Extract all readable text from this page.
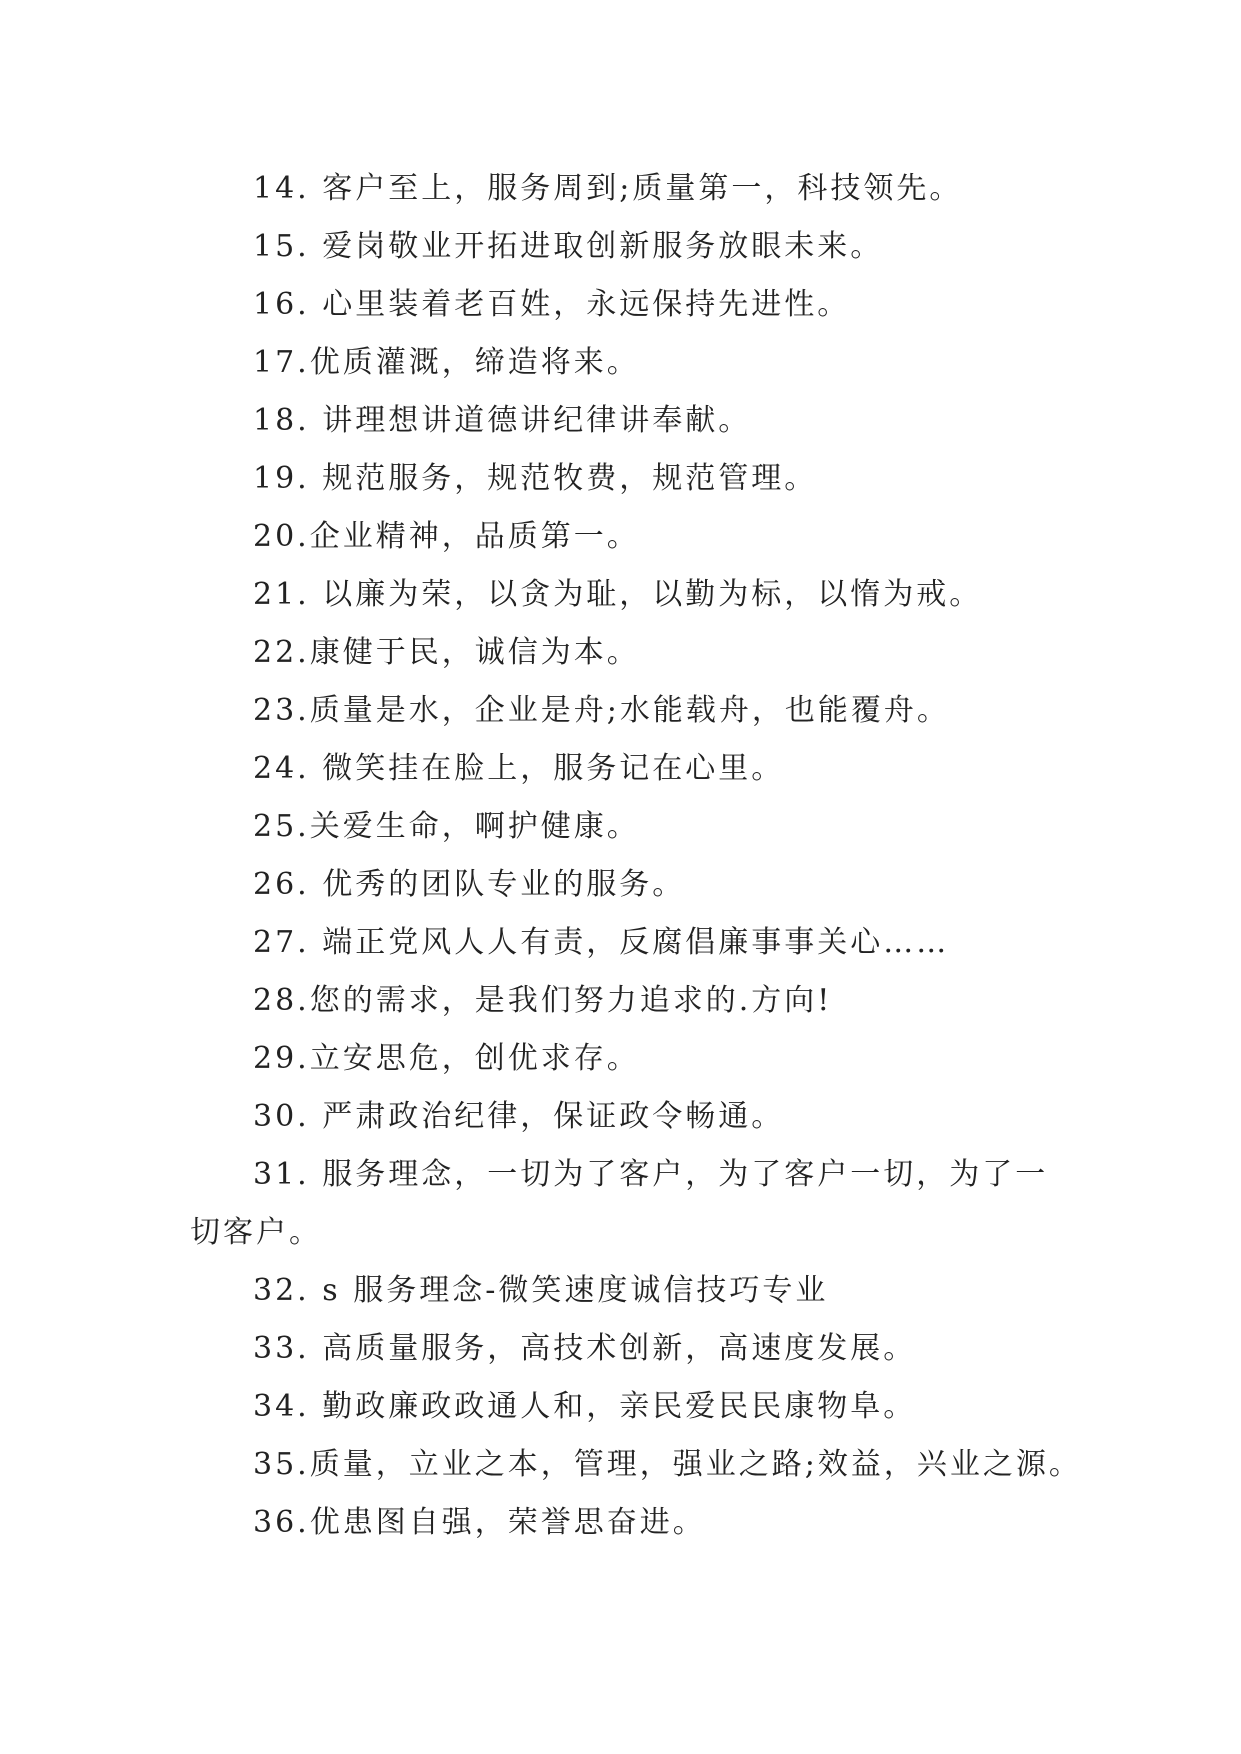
14. 客户至上，服务周到;质量第一，科技领先。
15. 爱岗敬业开拓进取创新服务放眼未来。
16. 心里装着老百姓，永远保持先进性。
17.优质灌溉，缔造将来。
18. 讲理想讲道德讲纪律讲奉献。
19. 规范服务，规范牧费，规范管理。
20.企业精神，品质第一。
21. 以廉为荣，以贪为耻，以勤为标，以惰为戒。
22.康健于民，诚信为本。
23.质量是水，企业是舟;水能载舟，也能覆舟。
24. 微笑挂在脸上，服务记在心里。
25.关爱生命，啊护健康。
26. 优秀的团队专业的服务。
27. 端正党风人人有责，反腐倡廉事事关心……
28.您的需求，是我们努力追求的.方向!
29.立安思危，创优求存。
30. 严肃政治纪律，保证政令畅通。
31. 服务理念，一切为了客户，为了客户一切，为了一
切客户。
32. s 服务理念-微笑速度诚信技巧专业
33. 高质量服务，高技术创新，高速度发展。
34. 勤政廉政政通人和，亲民爱民民康物阜。
35.质量，立业之本，管理，强业之路;效益，兴业之源。
36.优患图自强，荣誉思奋进。
